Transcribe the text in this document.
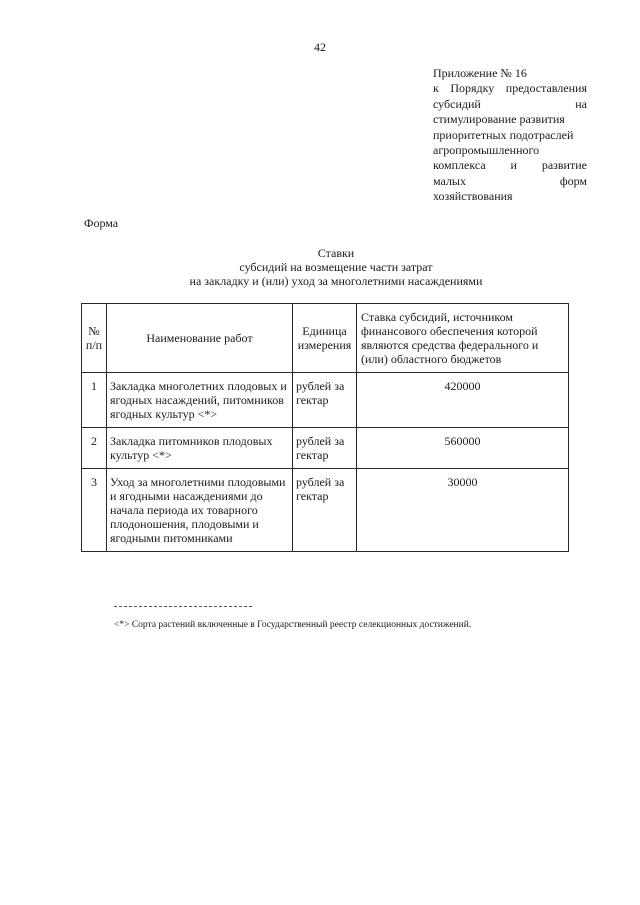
42
Приложение № 16
к Порядку предоставления
субсидий	на
стимулирование развития
приоритетных подотраслей
агропромышленного
комплекса и развитие
малых	форм
хозяйствования
Форма
Ставки
субсидий на возмещение части затрат
на закладку и (или) уход за многолетними насаждениями
№ п/п	Наименование работ	Единица измерения	Ставка субсидий, источником финансового обеспечения которой являются средства федерального и (или) областного бюджетов
1	Закладка многолетних плодовых и ягодных насаждений, питомников ягодных культур <*>	рублей за гектар	420000
2	Закладка питомников плодовых культур <*>	рублей за гектар	560000
3	Уход за многолетними плодовыми и ягодными насаждениями до начала периода их товарного плодоношения, плодовыми и ягодными питомниками	рублей за гектар	30000
<*> Сорта растений включенные в Государственный реестр селекционных достижений.
